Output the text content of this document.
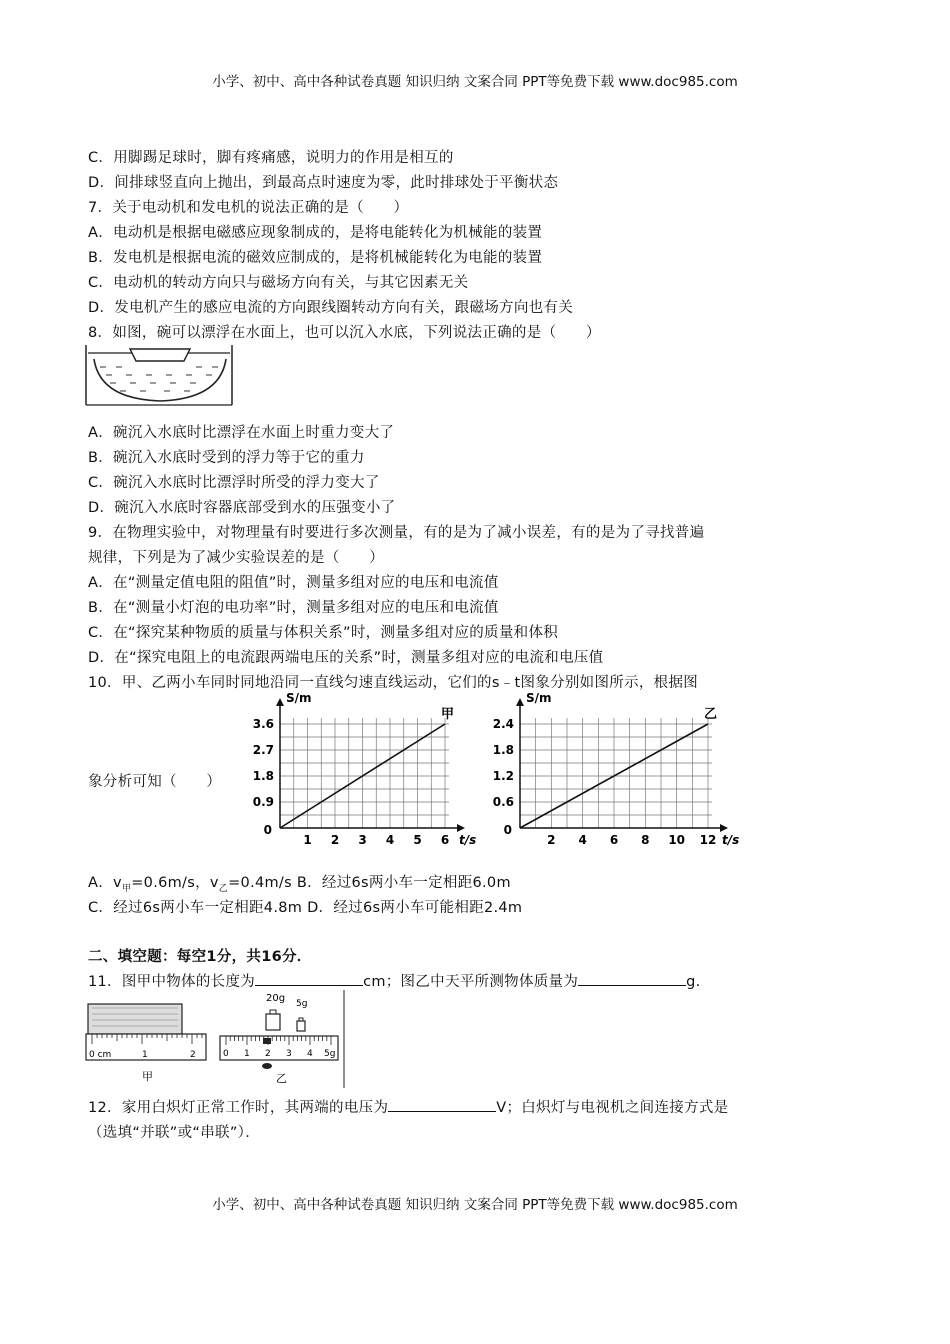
小学、初中、高中各种试卷真题 知识归纳 文案合同 PPT等免费下载 www.doc985.com
C．用脚踢足球时，脚有疼痛感，说明力的作用是相互的
D．间排球竖直向上抛出，到最高点时速度为零，此时排球处于平衡状态
7．关于电动机和发电机的说法正确的是（　　）
A．电动机是根据电磁感应现象制成的，是将电能转化为机械能的装置
B．发电机是根据电流的磁效应制成的，是将机械能转化为电能的装置
C．电动机的转动方向只与磁场方向有关，与其它因素无关
D．发电机产生的感应电流的方向跟线圈转动方向有关，跟磁场方向也有关
8．如图，碗可以漂浮在水面上，也可以沉入水底，下列说法正确的是（　　）
A．碗沉入水底时比漂浮在水面上时重力变大了
B．碗沉入水底时受到的浮力等于它的重力
C．碗沉入水底时比漂浮时所受的浮力变大了
D．碗沉入水底时容器底部受到水的压强变小了
9．在物理实验中，对物理量有时要进行多次测量，有的是为了减小误差，有的是为了寻找普遍
规律，下列是为了减少实验误差的是（　　）
A．在“测量定值电阻的阻值”时，测量多组对应的电压和电流值
B．在“测量小灯泡的电功率”时，测量多组对应的电压和电流值
C．在“探究某种物质的质量与体积关系”时，测量多组对应的质量和体积
D．在“探究电阻上的电流跟两端电压的关系”时，测量多组对应的电流和电压值
10．甲、乙两小车同时同地沿同一直线匀速直线运动，它们的s﹣t图象分别如图所示，根据图
象分析可知（　　）
1 2 3 4 5 6
0.9
1.8
2.7
3.6
0
S/m
t/s
甲
2 4 6 8 10 12
0.6
1.2
1.8
2.4
0
S/m
t/s
乙
A．$v_甲=0.6m/s$，$v_乙=0.4m/s$ B．经过6s两小车一定相距6.0m
C．经过6s两小车一定相距4.8m D．经过6s两小车可能相距2.4m
二、填空题：每空1分，共16分．
11．图甲中物体的长度为	cm；图乙中天平所测物体质量为	g.
0 cm	1	2
甲
20g 5g
0 1 2 3 4 5g
乙
12．家用白炽灯正常工作时，其两端的电压为	V；白炽灯与电视机之间连接方式是
（选填“并联”或“串联”）．
小学、初中、高中各种试卷真题 知识归纳 文案合同 PPT等免费下载 www.doc985.com
